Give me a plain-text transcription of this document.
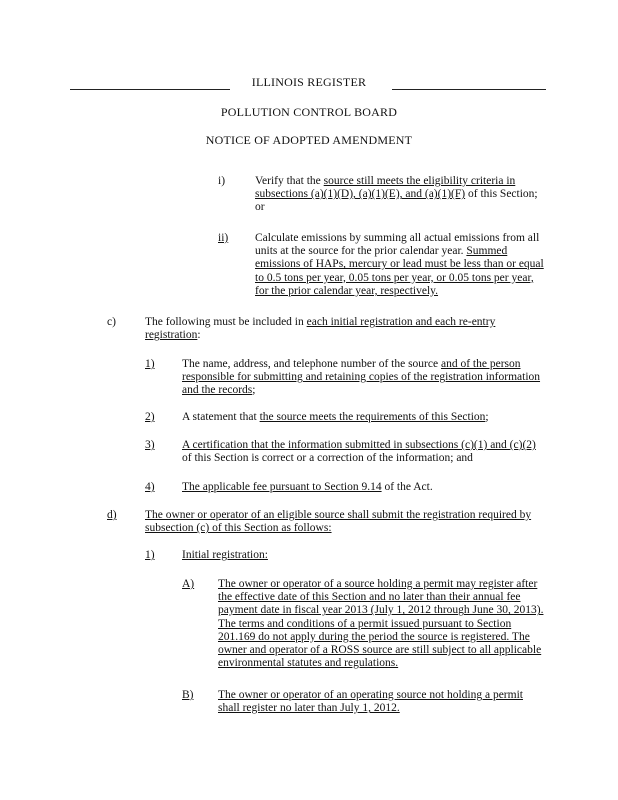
ILLINOIS REGISTER
POLLUTION CONTROL BOARD
NOTICE OF ADOPTED AMENDMENT
i)	Verify that the source still meets the eligibility criteria in subsections (a)(1)(D), (a)(1)(E), and (a)(1)(F) of this Section; or
ii) Calculate emissions by summing all actual emissions from all units at the source for the prior calendar year. Summed emissions of HAPs, mercury or lead must be less than or equal to 0.5 tons per year, 0.05 tons per year, or 0.05 tons per year, for the prior calendar year, respectively.
c)	The following must be included in each initial registration and each re-entry registration:
1) The name, address, and telephone number of the source and of the person responsible for submitting and retaining copies of the registration information and the records;
2) A statement that the source meets the requirements of this Section;
3) A certification that the information submitted in subsections (c)(1) and (c)(2) of this Section is correct or a correction of the information; and
4) The applicable fee pursuant to Section 9.14 of the Act.
d) The owner or operator of an eligible source shall submit the registration required by subsection (c) of this Section as follows:
1) Initial registration:
A) The owner or operator of a source holding a permit may register after the effective date of this Section and no later than their annual fee payment date in fiscal year 2013 (July 1, 2012 through June 30, 2013). The terms and conditions of a permit issued pursuant to Section 201.169 do not apply during the period the source is registered. The owner and operator of a ROSS source are still subject to all applicable environmental statutes and regulations.
B) The owner or operator of an operating source not holding a permit shall register no later than July 1, 2012.
